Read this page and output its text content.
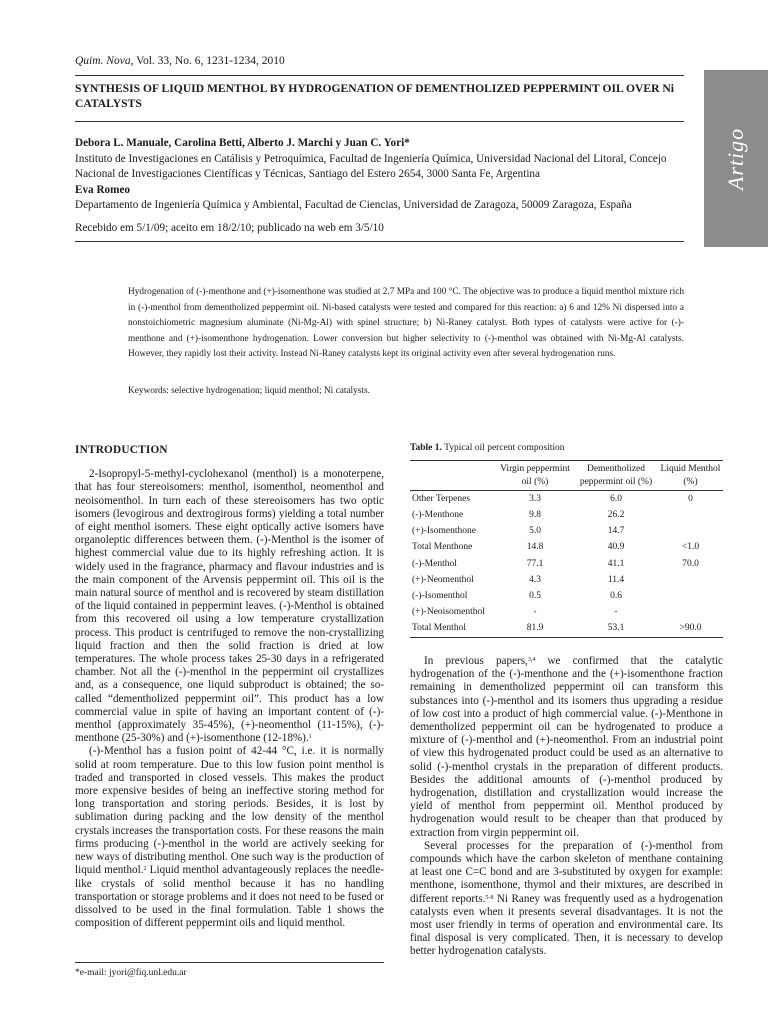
Quim. Nova, Vol. 33, No. 6, 1231-1234, 2010
Artigo
SYNTHESIS OF LIQUID MENTHOL BY HYDROGENATION OF DEMENTHOLIZED PEPPERMINT OIL OVER Ni CATALYSTS
Debora L. Manuale, Carolina Betti, Alberto J. Marchi y Juan C. Yori*
Instituto de Investigaciones en Catálisis y Petroquímica, Facultad de Ingeniería Química, Universidad Nacional del Litoral, Concejo Nacional de Investigaciones Científicas y Técnicas, Santiago del Estero 2654, 3000 Santa Fe, Argentina
Eva Romeo
Departamento de Ingeniería Química y Ambiental, Facultad de Ciencias, Universidad de Zaragoza, 50009 Zaragoza, España
Recebido em 5/1/09; aceito em 18/2/10; publicado na web em 3/5/10
Hydrogenation of (-)-menthone and (+)-isomenthone was studied at 2.7 MPa and 100 °C. The objective was to produce a liquid menthol mixture rich in (-)-menthol from dementholized peppermint oil. Ni-based catalysts were tested and compared for this reaction: a) 6 and 12% Ni dispersed into a nonstoichiometric magnesium aluminate (Ni-Mg-Al) with spinel structure; b) Ni-Raney catalyst. Both types of catalysts were active for (-)-menthone and (+)-isomenthone hydrogenation. Lower conversion but higher selectivity to (-)-menthol was obtained with Ni-Mg-Al catalysts. However, they rapidly lost their activity. Instead Ni-Raney catalysts kept its original activity even after several hydrogenation runs.
Keywords: selective hydrogenation; liquid menthol; Ni catalysts.
INTRODUCTION

2-Isopropyl-5-methyl-cyclohexanol (menthol) is a monoterpene, that has four stereoisomers: menthol, isomenthol, neomenthol and neoisomenthol. In turn each of these stereoisomers has two optic isomers (levogirous and dextrogirous forms) yielding a total number of eight menthol isomers. These eight optically active isomers have organoleptic differences between them. (-)-Menthol is the isomer of highest commercial value due to its highly refreshing action. It is widely used in the fragrance, pharmacy and flavour industries and is the main component of the Arvensis peppermint oil. This oil is the main natural source of menthol and is recovered by steam distillation of the liquid contained in peppermint leaves. (-)-Menthol is obtained from this recovered oil using a low temperature crystallization process. This product is centrifuged to remove the non-crystallizing liquid fraction and then the solid fraction is dried at low temperatures. The whole process takes 25-30 days in a refrigerated chamber. Not all the (-)-menthol in the peppermint oil crystallizes and, as a consequence, one liquid subproduct is obtained; the so-called “dementholized peppermint oil”. This product has a low commercial value in spite of having an important content of (-)-menthol (approximately 35-45%), (+)-neomenthol (11-15%), (-)-menthone (25-30%) and (+)-isomenthone (12-18%).$^1$

(-)-Menthol has a fusion point of 42-44 °C, i.e. it is normally solid at room temperature. Due to this low fusion point menthol is traded and transported in closed vessels. This makes the product more expensive besides of being an ineffective storing method for long transportation and storing periods. Besides, it is lost by sublimation during packing and the low density of the menthol crystals increases the transportation costs. For these reasons the main firms producing (-)-menthol in the world are actively seeking for new ways of distributing menthol. One such way is the production of liquid menthol.$^2$ Liquid menthol advantageously replaces the needle-like crystals of solid menthol because it has no handling transportation or storage problems and it does not need to be fused or dissolved to be used in the final formulation. Table 1 shows the composition of different peppermint oils and liquid menthol.

*e-mail: jyori@fiq.unl.edu.ar
Table 1. Typical oil percent composition
	Virgin peppermint oil (%)	Dementholized peppermint oil (%)	Liquid Menthol (%)
Other Terpenes	3.3	6.0	0
(-)-Menthone	9.8	26.2	
(+)-Isomenthone	5.0	14.7	
Total Menthone	14.8	40.9	<1.0
(-)-Menthol	77.1	41.1	70.0
(+)-Neomenthol	4.3	11.4	
(-)-Isomenthol	0.5	0.6	
(+)-Neoisomenthol	-	-	
Total Menthol	81.9	53.1	>90.0

In previous papers,$^{3,4}$ we confirmed that the catalytic hydrogenation of the (-)-menthone and the (+)-isomenthone fraction remaining in dementholized peppermint oil can transform this substances into (-)-menthol and its isomers thus upgrading a residue of low cost into a product of high commercial value. (-)-Menthone in dementholized peppermint oil can be hydrogenated to produce a mixture of (-)-menthol and (+)-neomenthol. From an industrial point of view this hydrogenated product could be used as an alternative to solid (-)-menthol crystals in the preparation of different products. Besides the additional amounts of (-)-menthol produced by hydrogenation, distillation and crystallization would increase the yield of menthol from peppermint oil. Menthol produced by hydrogenation would result to be cheaper than that produced by extraction from virgin peppermint oil.

Several processes for the preparation of (-)-menthol from compounds which have the carbon skeleton of menthane containing at least one C=C bond and are 3-substituted by oxygen for example: menthone, isomenthone, thymol and their mixtures, are described in different reports.$^{5-8}$ Ni Raney was frequently used as a hydrogenation catalysts even when it presents several disadvantages. It is not the most user friendly in terms of operation and environmental care. Its final disposal is very complicated. Then, it is necessary to develop better hydrogenation catalysts.
